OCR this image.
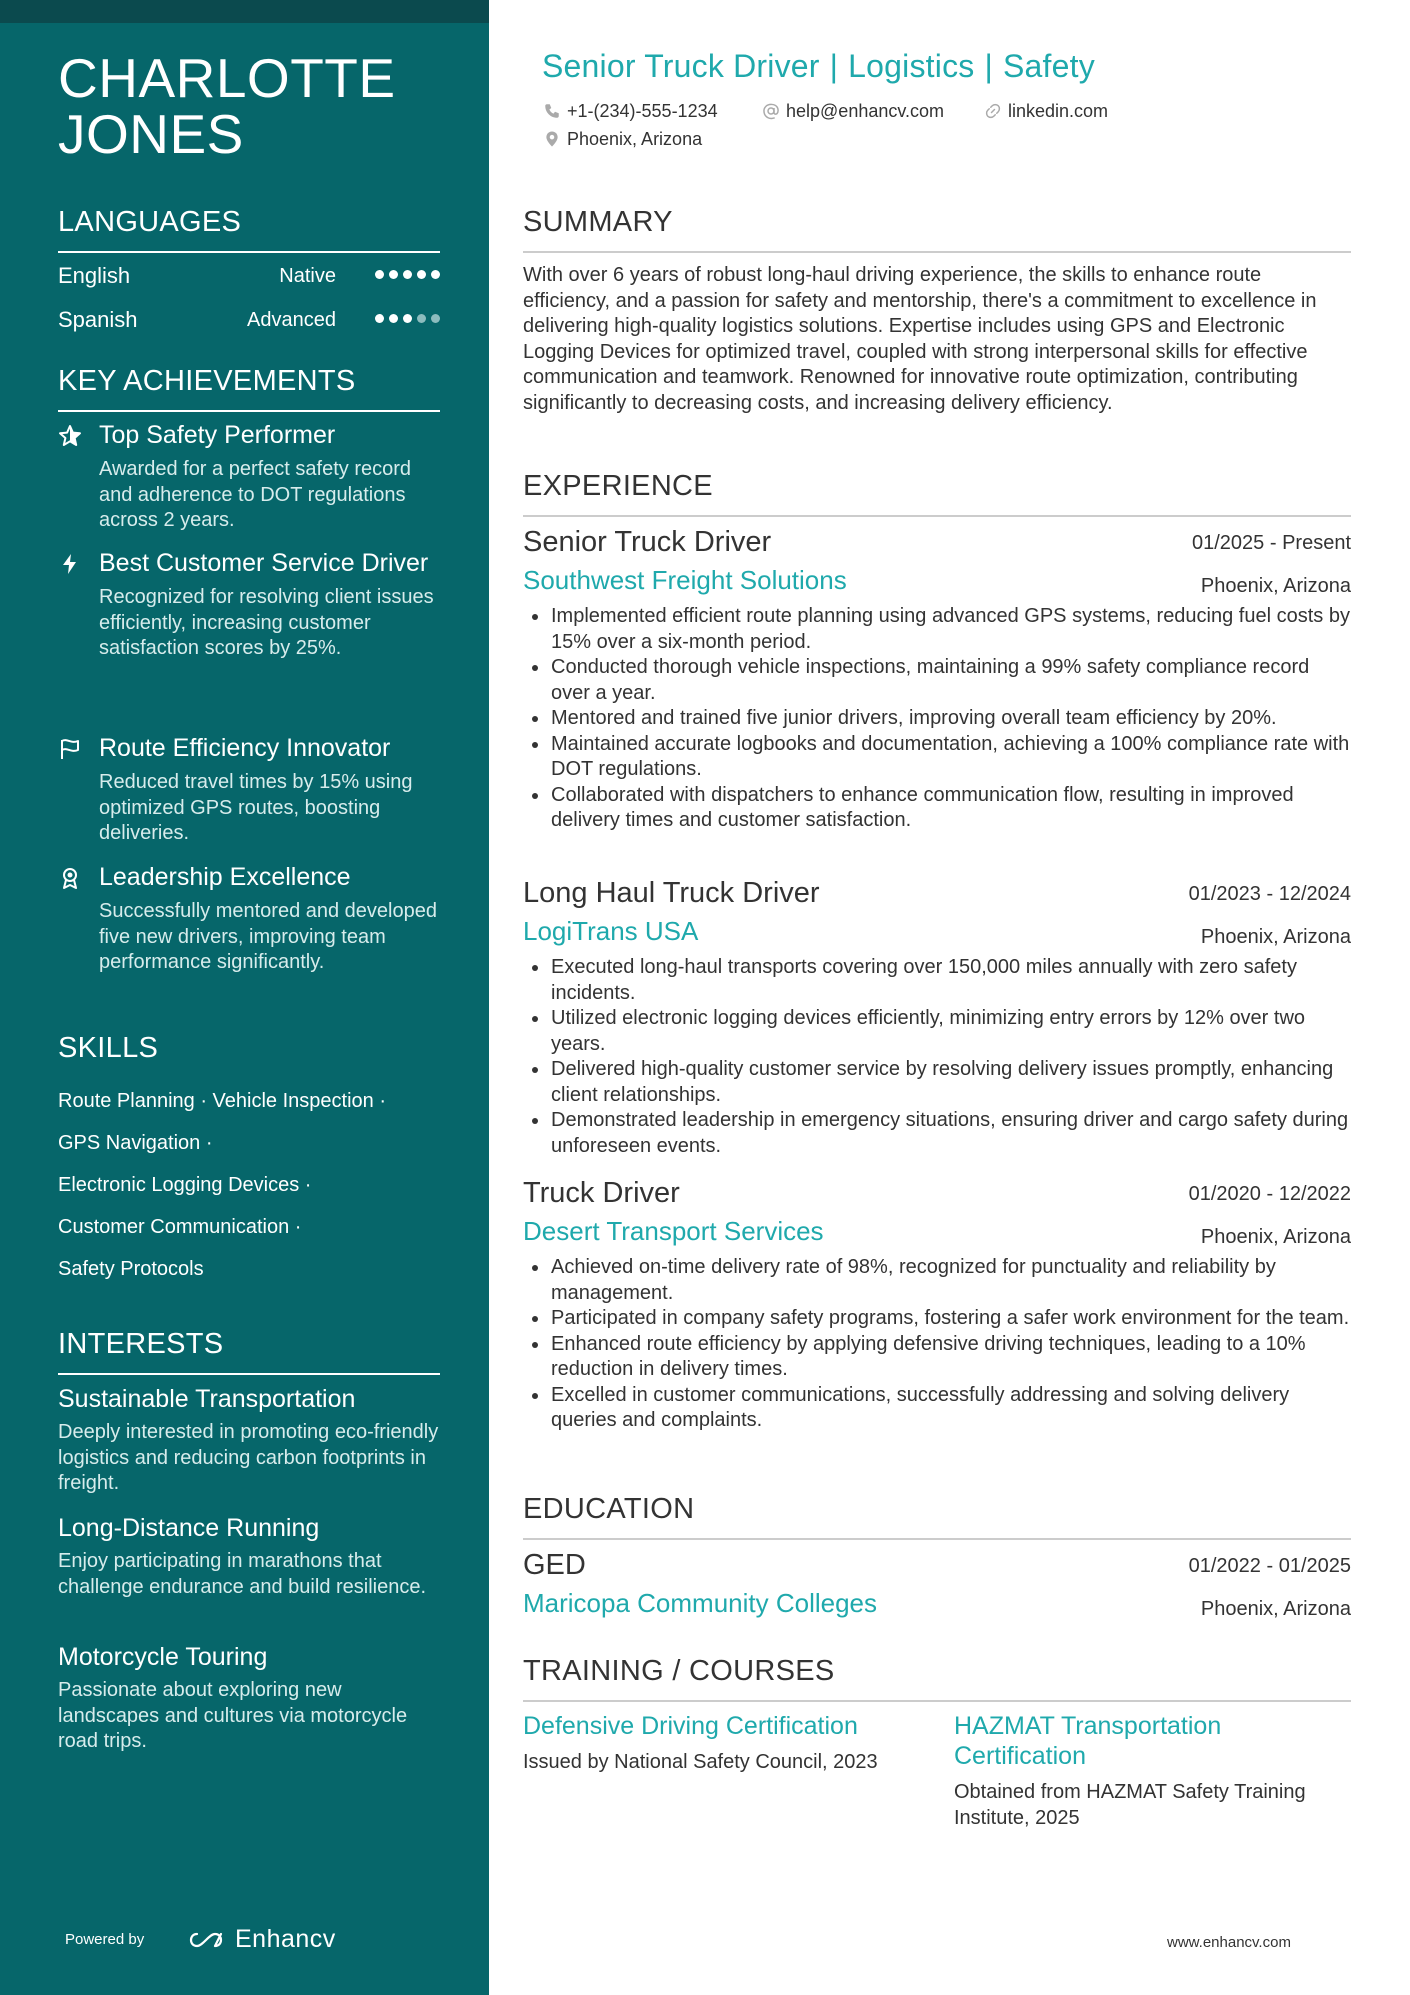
CHARLOTTE
JONES
LANGUAGES
English	Native
Spanish	Advanced
KEY ACHIEVEMENTS
Top Safety Performer
Awarded for a perfect safety record and adherence to DOT regulations across 2 years.
Best Customer Service Driver
Recognized for resolving client issues efficiently, increasing customer satisfaction scores by 25%.
Route Efficiency Innovator
Reduced travel times by 15% using optimized GPS routes, boosting deliveries.
Leadership Excellence
Successfully mentored and developed five new drivers, improving team performance significantly.
SKILLS
Route Planning · Vehicle Inspection ·
GPS Navigation ·
Electronic Logging Devices ·
Customer Communication ·
Safety Protocols
INTERESTS
Sustainable Transportation
Deeply interested in promoting eco-friendly logistics and reducing carbon footprints in freight.
Long-Distance Running
Enjoy participating in marathons that challenge endurance and build resilience.
Motorcycle Touring
Passionate about exploring new landscapes and cultures via motorcycle road trips.
Powered by	Enhancv
Senior Truck Driver | Logistics | Safety
+1-(234)-555-1234	help@enhancv.com	linkedin.com
Phoenix, Arizona
SUMMARY
With over 6 years of robust long-haul driving experience, the skills to enhance route efficiency, and a passion for safety and mentorship, there's a commitment to excellence in delivering high-quality logistics solutions. Expertise includes using GPS and Electronic Logging Devices for optimized travel, coupled with strong interpersonal skills for effective communication and teamwork. Renowned for innovative route optimization, contributing significantly to decreasing costs, and increasing delivery efficiency.
EXPERIENCE
Senior Truck Driver	01/2025 - Present
Southwest Freight Solutions	Phoenix, Arizona
Implemented efficient route planning using advanced GPS systems, reducing fuel costs by 15% over a six-month period.
Conducted thorough vehicle inspections, maintaining a 99% safety compliance record over a year.
Mentored and trained five junior drivers, improving overall team efficiency by 20%.
Maintained accurate logbooks and documentation, achieving a 100% compliance rate with DOT regulations.
Collaborated with dispatchers to enhance communication flow, resulting in improved delivery times and customer satisfaction.
Long Haul Truck Driver	01/2023 - 12/2024
LogiTrans USA	Phoenix, Arizona
Executed long-haul transports covering over 150,000 miles annually with zero safety incidents.
Utilized electronic logging devices efficiently, minimizing entry errors by 12% over two years.
Delivered high-quality customer service by resolving delivery issues promptly, enhancing client relationships.
Demonstrated leadership in emergency situations, ensuring driver and cargo safety during unforeseen events.
Truck Driver	01/2020 - 12/2022
Desert Transport Services	Phoenix, Arizona
Achieved on-time delivery rate of 98%, recognized for punctuality and reliability by management.
Participated in company safety programs, fostering a safer work environment for the team.
Enhanced route efficiency by applying defensive driving techniques, leading to a 10% reduction in delivery times.
Excelled in customer communications, successfully addressing and solving delivery queries and complaints.
EDUCATION
GED	01/2022 - 01/2025
Maricopa Community Colleges	Phoenix, Arizona
TRAINING / COURSES
Defensive Driving Certification
Issued by National Safety Council, 2023
HAZMAT Transportation Certification
Obtained from HAZMAT Safety Training Institute, 2025
www.enhancv.com
